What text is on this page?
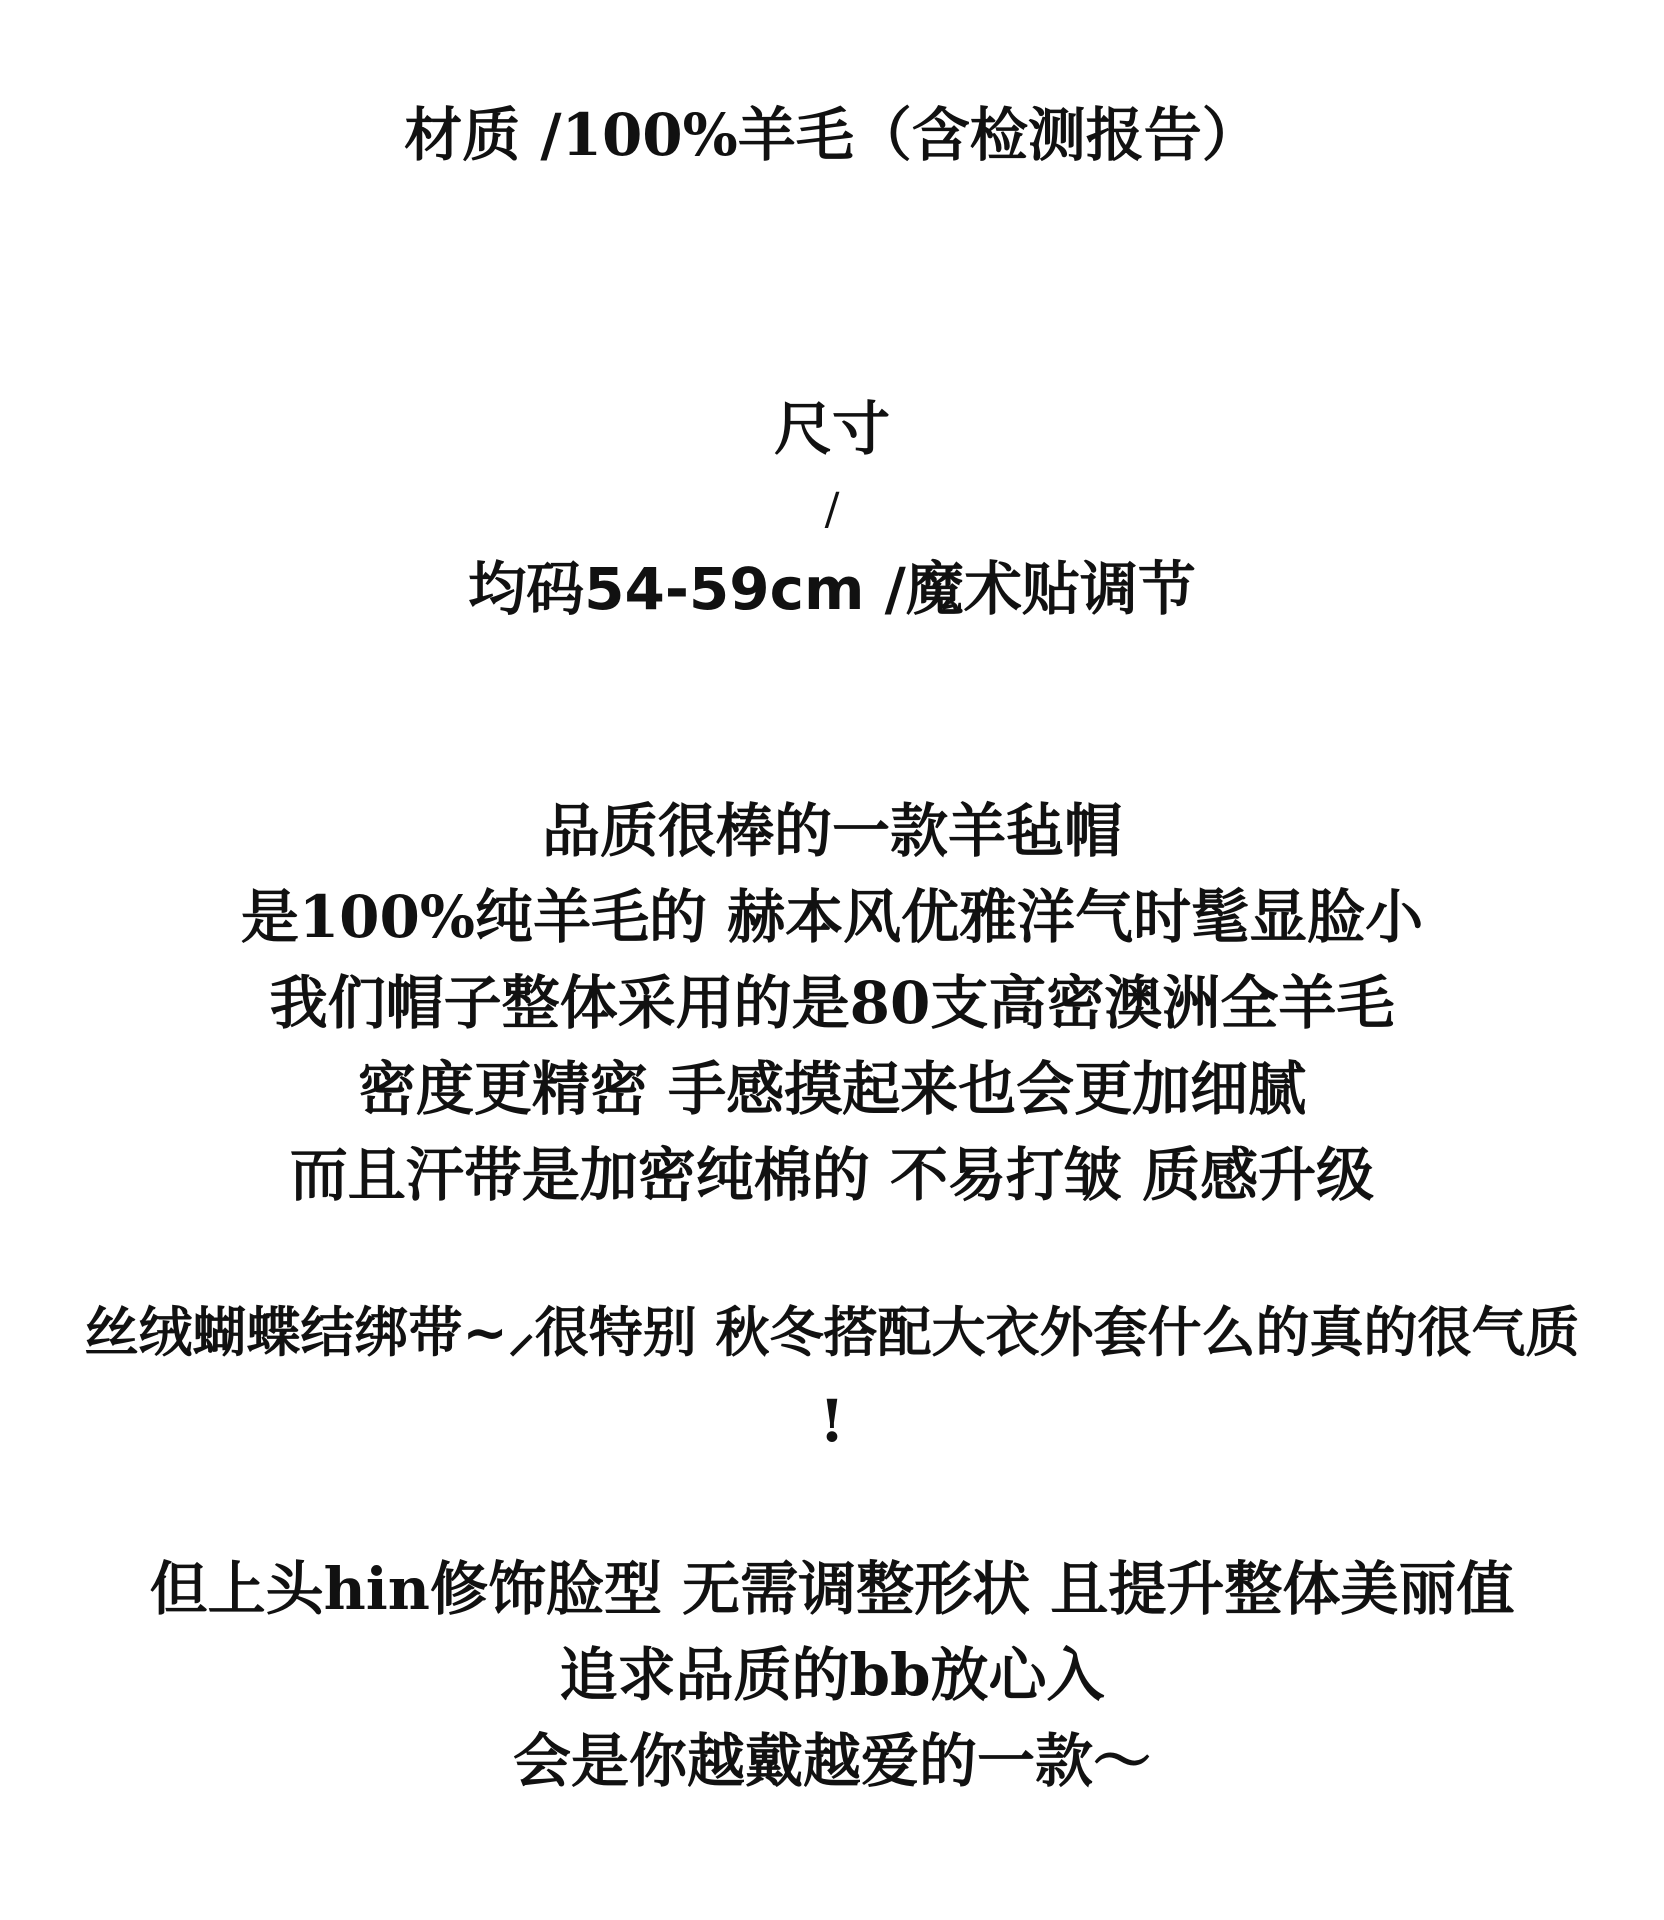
材质 /100%羊毛（含检测报告）
尺寸
/
均码54-59cm /魔术贴调节
品质很棒的一款羊毡帽
是100%纯羊毛的 赫本风优雅洋气时髦显脸小
我们帽子整体采用的是80支高密澳洲全羊毛
密度更精密 手感摸起来也会更加细腻
而且汗带是加密纯棉的 不易打皱 质感升级
丝绒蝴蝶结绑带~⸝很特别 秋冬搭配大衣外套什么的真的很气质
!
但上头hin修饰脸型 无需调整形状 且提升整体美丽值
追求品质的bb放心入
会是你越戴越爱的一款～
